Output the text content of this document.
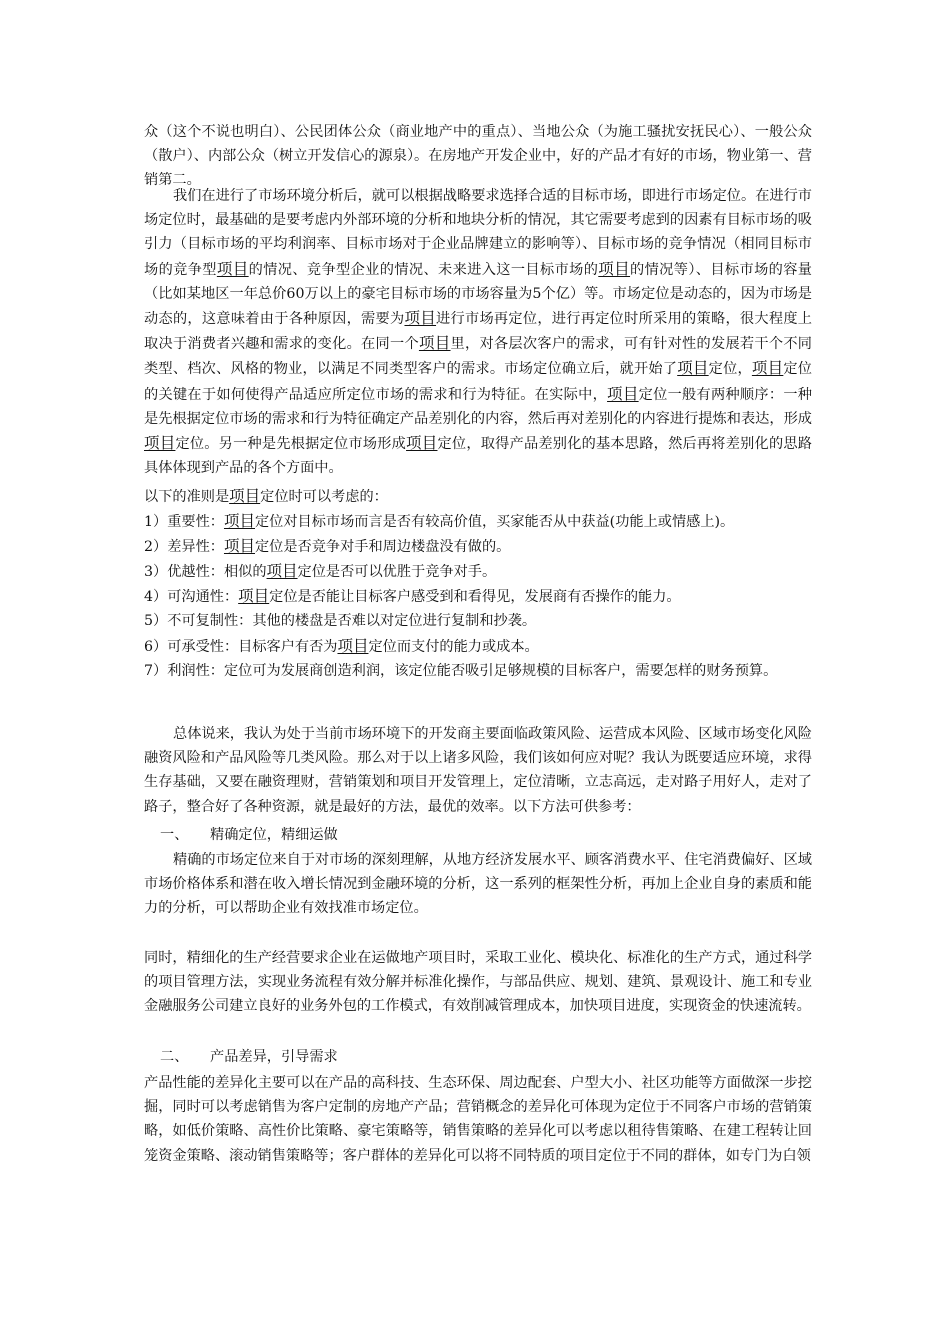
众（这个不说也明白）、公民团体公众（商业地产中的重点）、当地公众（为施工骚扰安抚民心）、一般公众（散户）、内部公众（树立开发信心的源泉）。在房地产开发企业中，好的产品才有好的市场，物业第一、营销第二。

我们在进行了市场环境分析后，就可以根据战略要求选择合适的目标市场，即进行市场定位。在进行市场定位时，最基础的是要考虑内外部环境的分析和地块分析的情况，其它需要考虑到的因素有目标市场的吸引力（目标市场的平均利润率、目标市场对于企业品牌建立的影响等）、目标市场的竞争情况（相同目标市场的竞争型项目的情况、竞争型企业的情况、未来进入这一目标市场的项目的情况等）、目标市场的容量（比如某地区一年总价60万以上的豪宅目标市场的市场容量为5个亿）等。市场定位是动态的，因为市场是动态的，这意味着由于各种原因，需要为项目进行市场再定位，进行再定位时所采用的策略，很大程度上取决于消费者兴趣和需求的变化。在同一个项目里，对各层次客户的需求，可有针对性的发展若干个不同类型、档次、风格的物业，以满足不同类型客户的需求。市场定位确立后，就开始了项目定位，项目定位的关键在于如何使得产品适应所定位市场的需求和行为特征。在实际中，项目定位一般有两种顺序：一种是先根据定位市场的需求和行为特征确定产品差别化的内容，然后再对差别化的内容进行提炼和表达，形成项目定位。另一种是先根据定位市场形成项目定位，取得产品差别化的基本思路，然后再将差别化的思路具体体现到产品的各个方面中。

以下的准则是项目定位时可以考虑的：

1）重要性：项目定位对目标市场而言是否有较高价值，买家能否从中获益(功能上或情感上)。

2）差异性：项目定位是否竞争对手和周边楼盘没有做的。

3）优越性：相似的项目定位是否可以优胜于竞争对手。

4）可沟通性：项目定位是否能让目标客户感受到和看得见，发展商有否操作的能力。

5）不可复制性：其他的楼盘是否难以对定位进行复制和抄袭。

6）可承受性：目标客户有否为项目定位而支付的能力或成本。

7）利润性：定位可为发展商创造利润，该定位能否吸引足够规模的目标客户，需要怎样的财务预算。

总体说来，我认为处于当前市场环境下的开发商主要面临政策风险、运营成本风险、区域市场变化风险融资风险和产品风险等几类风险。那么对于以上诸多风险，我们该如何应对呢？我认为既要适应环境，求得生存基础，又要在融资理财，营销策划和项目开发管理上，定位清晰，立志高远，走对路子用好人，走对了路子，整合好了各种资源，就是最好的方法，最优的效率。以下方法可供参考：

一、 精确定位，精细运做

精确的市场定位来自于对市场的深刻理解，从地方经济发展水平、顾客消费水平、住宅消费偏好、区域市场价格体系和潜在收入增长情况到金融环境的分析，这一系列的框架性分析，再加上企业自身的素质和能力的分析，可以帮助企业有效找准市场定位。

同时，精细化的生产经营要求企业在运做地产项目时，采取工业化、模块化、标准化的生产方式，通过科学的项目管理方法，实现业务流程有效分解并标准化操作，与部品供应、规划、建筑、景观设计、施工和专业金融服务公司建立良好的业务外包的工作模式，有效削减管理成本，加快项目进度，实现资金的快速流转。

二、 产品差异，引导需求

产品性能的差异化主要可以在产品的高科技、生态环保、周边配套、户型大小、社区功能等方面做深一步挖掘，同时可以考虑销售为客户定制的房地产产品；营销概念的差异化可体现为定位于不同客户市场的营销策略，如低价策略、高性价比策略、豪宅策略等，销售策略的差异化可以考虑以租待售策略、在建工程转让回笼资金策略、滚动销售策略等；客户群体的差异化可以将不同特质的项目定位于不同的群体，如专门为白领
